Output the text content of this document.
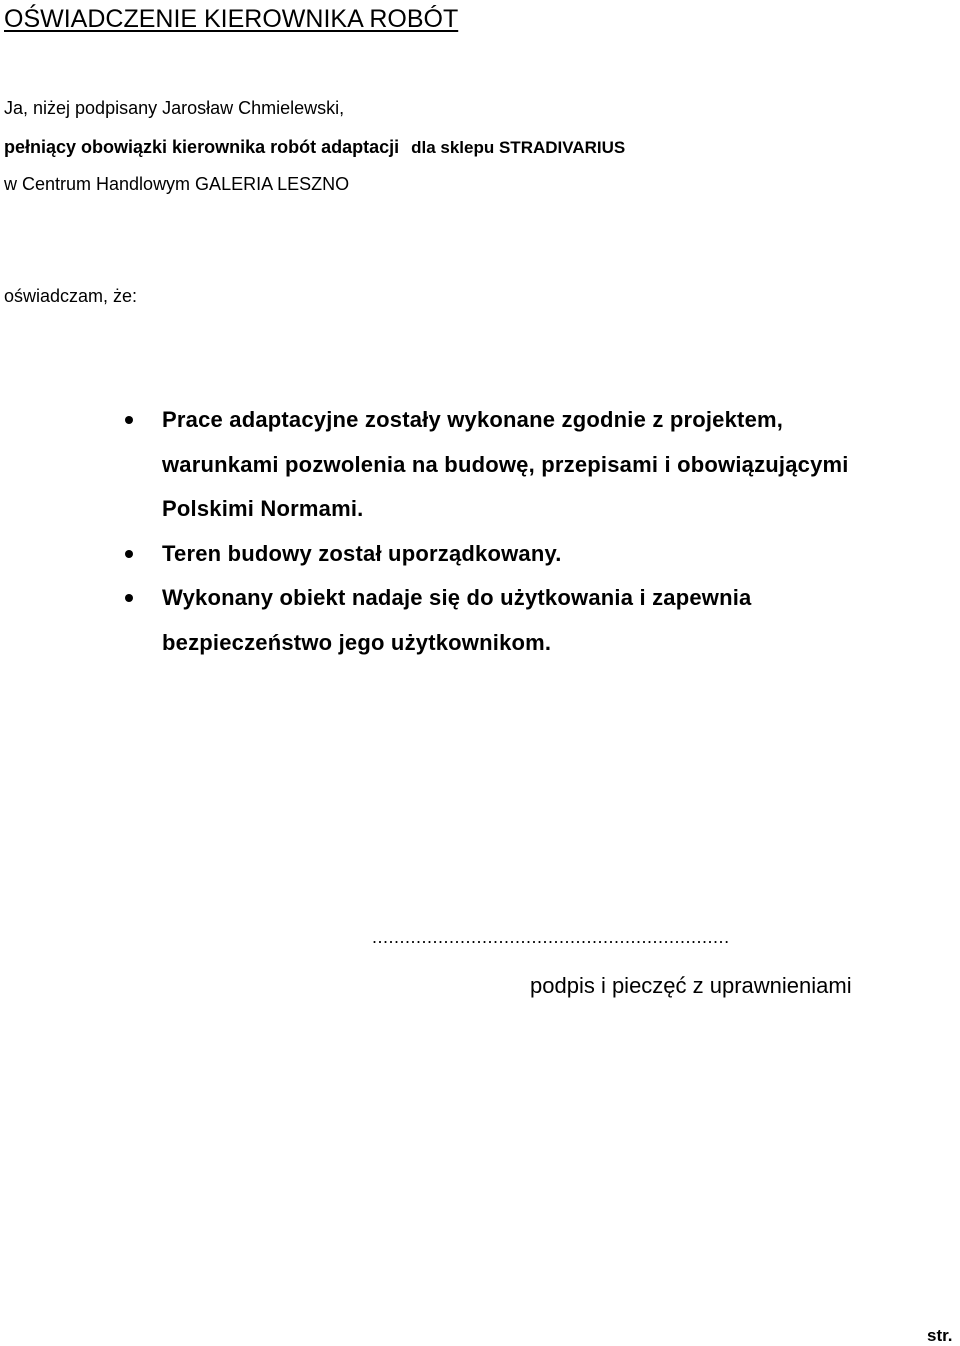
OŚWIADCZENIE KIEROWNIKA ROBÓT
Ja, niżej podpisany Jarosław Chmielewski,
pełniący obowiązki kierownika robót adaptacji dla sklepu STRADIVARIUS
w Centrum Handlowym GALERIA LESZNO
oświadczam, że:
Prace adaptacyjne zostały wykonane zgodnie z projektem, warunkami pozwolenia na budowę, przepisami i obowiązującymi Polskimi Normami.
Teren budowy został uporządkowany.
Wykonany obiekt nadaje się do użytkowania i zapewnia bezpieczeństwo jego użytkownikom.
.................................................................
podpis i pieczęć z uprawnieniami
str.
